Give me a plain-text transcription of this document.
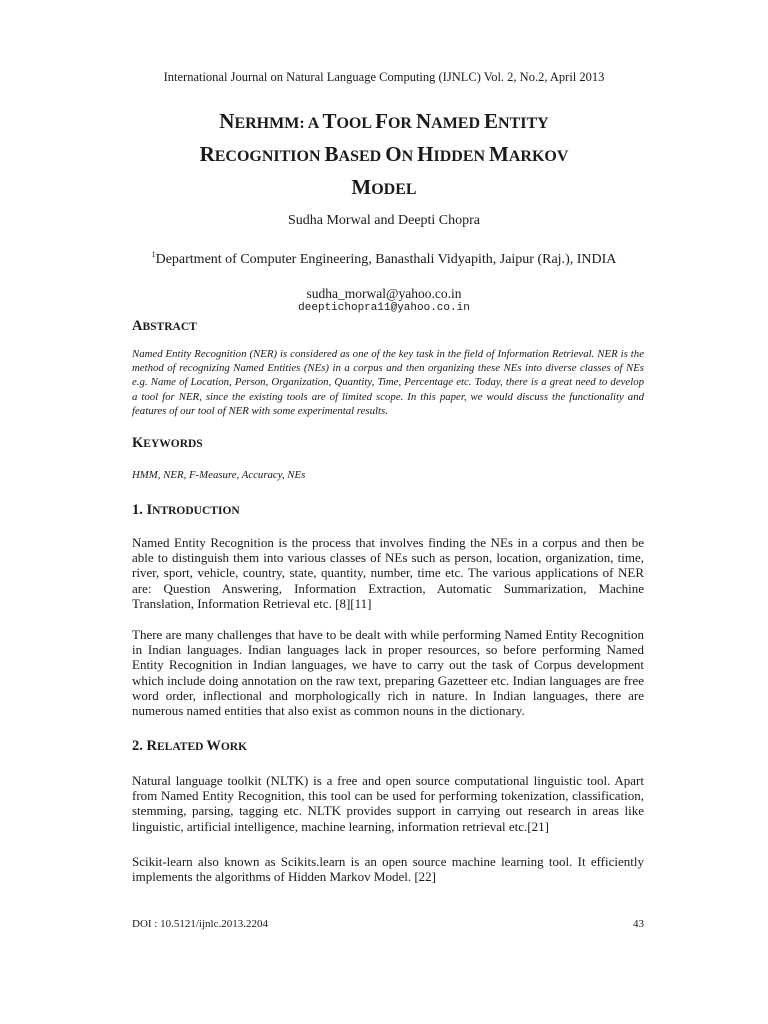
International Journal on Natural Language Computing (IJNLC) Vol. 2, No.2, April 2013
NERHMM: A TOOL FOR NAMED ENTITY
RECOGNITION BASED ON HIDDEN MARKOV
MODEL
Sudha Morwal and Deepti Chopra
$^1$Department of Computer Engineering, Banasthali Vidyapith, Jaipur (Raj.), INDIA
sudha_morwal@yahoo.co.in
deeptichopra11@yahoo.co.in
ABSTRACT

Named Entity Recognition (NER) is considered as one of the key task in the field of Information Retrieval. NER is the method of recognizing Named Entities (NEs) in a corpus and then organizing these NEs into diverse classes of NEs e.g. Name of Location, Person, Organization, Quantity, Time, Percentage etc. Today, there is a great need to develop a tool for NER, since the existing tools are of limited scope. In this paper, we would discuss the functionality and features of our tool of NER with some experimental results.

KEYWORDS

HMM, NER, F-Measure, Accuracy, NEs

1. INTRODUCTION

Named Entity Recognition is the process that involves finding the NEs in a corpus and then be able to distinguish them into various classes of NEs such as person, location, organization, time, river, sport, vehicle, country, state, quantity, number, time etc. The various applications of NER are: Question Answering, Information Extraction, Automatic Summarization, Machine Translation, Information Retrieval etc. [8][11]

There are many challenges that have to be dealt with while performing Named Entity Recognition in Indian languages. Indian languages lack in proper resources, so before performing Named Entity Recognition in Indian languages, we have to carry out the task of Corpus development which include doing annotation on the raw text, preparing Gazetteer etc. Indian languages are free word order, inflectional and morphologically rich in nature. In Indian languages, there are numerous named entities that also exist as common nouns in the dictionary.

2. RELATED WORK

Natural language toolkit (NLTK) is a free and open source computational linguistic tool. Apart from Named Entity Recognition, this tool can be used for performing tokenization, classification, stemming, parsing, tagging etc. NLTK provides support in carrying out research in areas like linguistic, artificial intelligence, machine learning, information retrieval etc.[21]

Scikit-learn also known as Scikits.learn is an open source machine learning tool. It efficiently implements the algorithms of Hidden Markov Model. [22]

DOI : 10.5121/ijnlc.2013.2204	43
